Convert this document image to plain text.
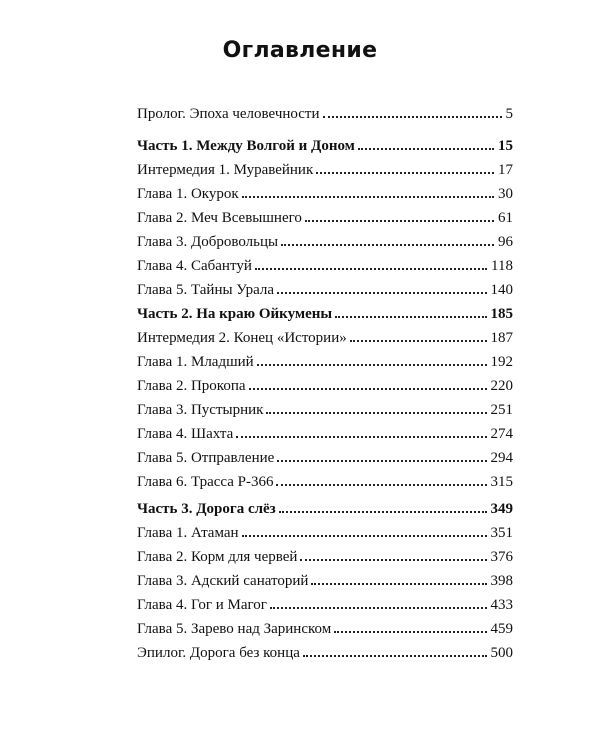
Оглавление
Пролог. Эпоха человечности	5
Часть 1. Между Волгой и Доном	15
Интермедия 1. Муравейник	17
Глава 1. Окурок	30
Глава 2. Меч Всевышнего	61
Глава 3. Добровольцы	96
Глава 4. Сабантуй	118
Глава 5. Тайны Урала	140
Часть 2. На краю Ойкумены	185
Интермедия 2. Конец «Истории»	187
Глава 1. Младший	192
Глава 2. Прокопа	220
Глава 3. Пустырник	251
Глава 4. Шахта	274
Глава 5. Отправление	294
Глава 6. Трасса Р-366	315
Часть 3. Дорога слёз	349
Глава 1. Атаман	351
Глава 2. Корм для червей	376
Глава 3. Адский санаторий	398
Глава 4. Гог и Магог	433
Глава 5. Зарево над Заринском	459
Эпилог. Дорога без конца	500
